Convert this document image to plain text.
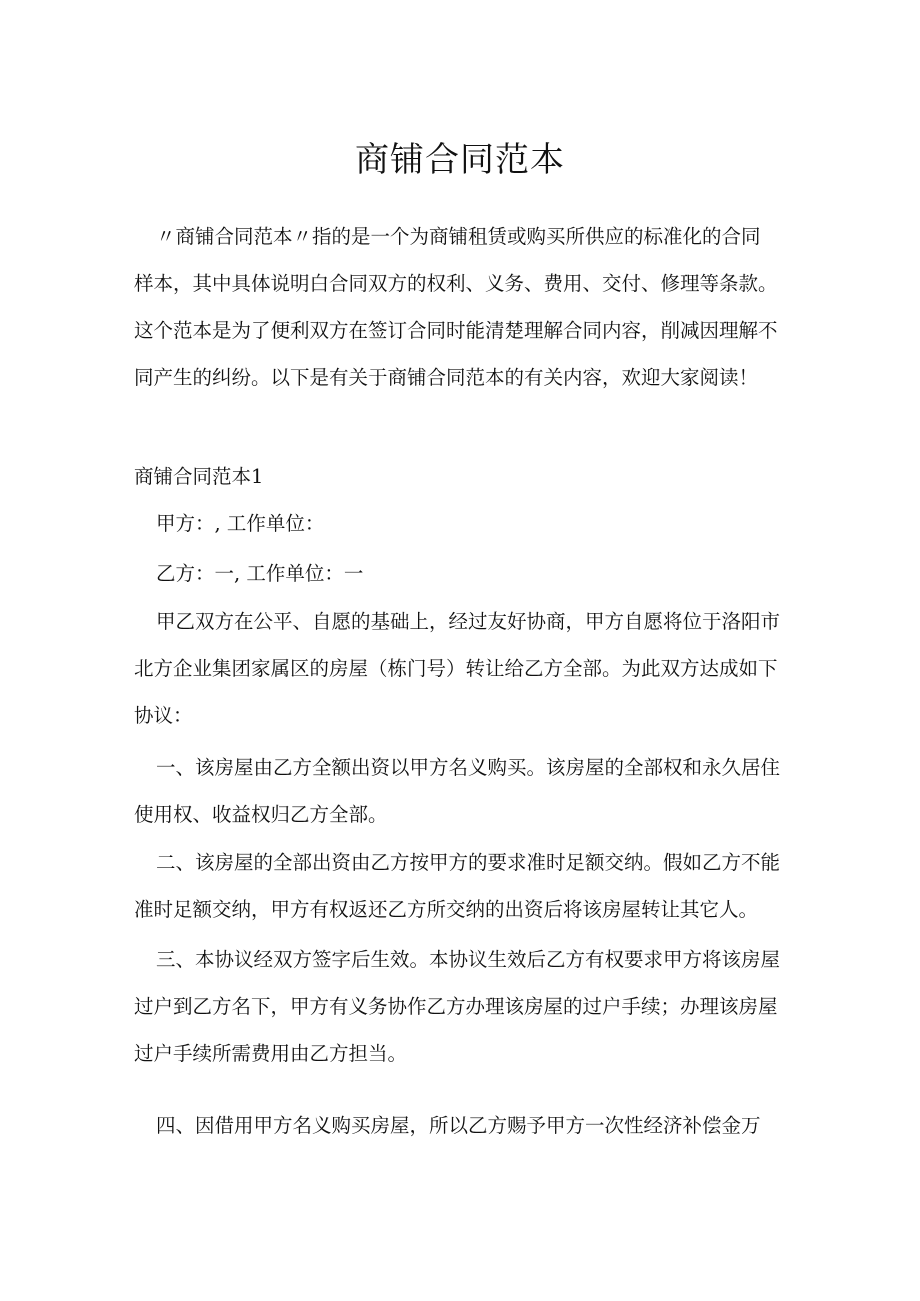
商铺合同范本
〃商铺合同范本〃指的是一个为商铺租赁或购买所供应的标准化的合同
样本，其中具体说明白合同双方的权利、义务、费用、交付、修理等条款。
这个范本是为了便利双方在签订合同时能清楚理解合同内容，削减因理解不
同产生的纠纷。以下是有关于商铺合同范本的有关内容，欢迎大家阅读！
商铺合同范本1
甲方：, 工作单位：
乙方：一, 工作单位：一
甲乙双方在公平、自愿的基础上，经过友好协商，甲方自愿将位于洛阳市
北方企业集团家属区的房屋（栋门号）转让给乙方全部。为此双方达成如下
协议：
一、该房屋由乙方全额出资以甲方名义购买。该房屋的全部权和永久居住
使用权、收益权归乙方全部。
二、该房屋的全部出资由乙方按甲方的要求准时足额交纳。假如乙方不能
准时足额交纳，甲方有权返还乙方所交纳的出资后将该房屋转让其它人。
三、本协议经双方签字后生效。本协议生效后乙方有权要求甲方将该房屋
过户到乙方名下，甲方有义务协作乙方办理该房屋的过户手续；办理该房屋
过户手续所需费用由乙方担当。
四、因借用甲方名义购买房屋，所以乙方赐予甲方一次性经济补偿金万
